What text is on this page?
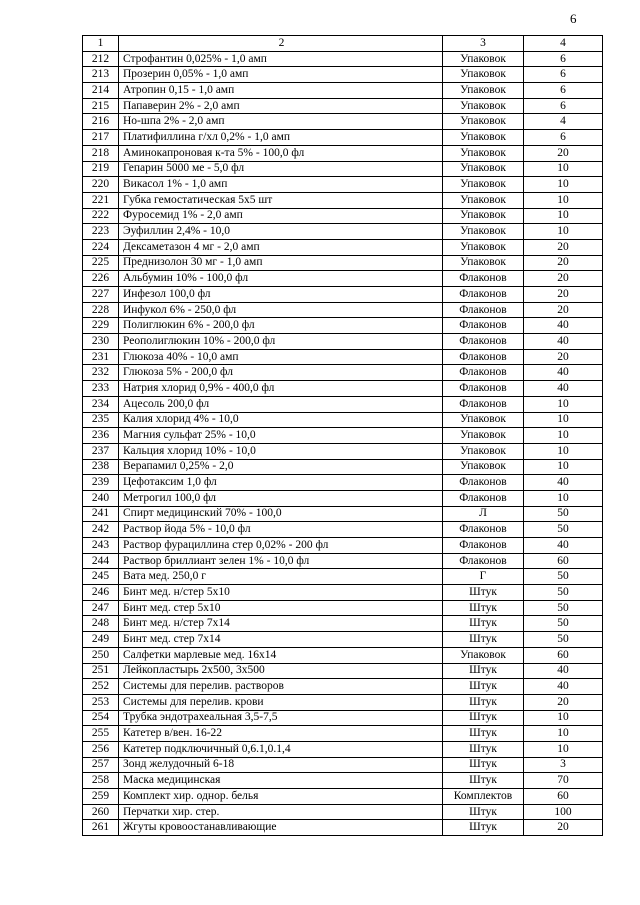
6
1	2	3	4
212	Строфантин 0,025% - 1,0 амп	Упаковок	6
213	Прозерин 0,05% - 1,0 амп	Упаковок	6
214	Атропин 0,15 - 1,0 амп	Упаковок	6
215	Папаверин 2% - 2,0 амп	Упаковок	6
216	Но-шпа 2% - 2,0 амп	Упаковок	4
217	Платифиллина г/хл 0,2% - 1,0 амп	Упаковок	6
218	Аминокапроновая к-та 5% - 100,0 фл	Упаковок	20
219	Гепарин 5000 ме - 5,0 фл	Упаковок	10
220	Викасол 1% - 1,0 амп	Упаковок	10
221	Губка гемостатическая 5х5 шт	Упаковок	10
222	Фуросемид 1% - 2,0 амп	Упаковок	10
223	Эуфиллин 2,4% - 10,0	Упаковок	10
224	Дексаметазон 4 мг - 2,0 амп	Упаковок	20
225	Преднизолон 30 мг - 1,0 амп	Упаковок	20
226	Альбумин 10% - 100,0 фл	Флаконов	20
227	Инфезол 100,0 фл	Флаконов	20
228	Инфукол 6% - 250,0 фл	Флаконов	20
229	Полиглюкин 6% - 200,0 фл	Флаконов	40
230	Реополиглюкин 10% - 200,0 фл	Флаконов	40
231	Глюкоза 40% - 10,0 амп	Флаконов	20
232	Глюкоза 5% - 200,0 фл	Флаконов	40
233	Натрия хлорид 0,9% - 400,0 фл	Флаконов	40
234	Ацесоль 200,0 фл	Флаконов	10
235	Калия хлорид 4% - 10,0	Упаковок	10
236	Магния сульфат 25% - 10,0	Упаковок	10
237	Кальция хлорид 10% - 10,0	Упаковок	10
238	Верапамил 0,25% - 2,0	Упаковок	10
239	Цефотаксим 1,0 фл	Флаконов	40
240	Метрогил 100,0 фл	Флаконов	10
241	Спирт медицинский 70% - 100,0	Л	50
242	Раствор йода 5% - 10,0 фл	Флаконов	50
243	Раствор фурациллина стер 0,02% - 200 фл	Флаконов	40
244	Раствор бриллиант зелен 1% - 10,0 фл	Флаконов	60
245	Вата мед. 250,0 г	Г	50
246	Бинт мед. н/стер 5х10	Штук	50
247	Бинт мед. стер 5х10	Штук	50
248	Бинт мед. н/стер 7х14	Штук	50
249	Бинт мед. стер 7х14	Штук	50
250	Салфетки марлевые мед. 16х14	Упаковок	60
251	Лейкопластырь 2х500, 3х500	Штук	40
252	Системы для перелив. растворов	Штук	40
253	Системы для перелив. крови	Штук	20
254	Трубка эндотрахеальная 3,5-7,5	Штук	10
255	Катетер в/вен. 16-22	Штук	10
256	Катетер подключичный 0,6.1,0.1,4	Штук	10
257	Зонд желудочный 6-18	Штук	3
258	Маска медицинская	Штук	70
259	Комплект хир. однор. белья	Комплектов	60
260	Перчатки хир. стер.	Штук	100
261	Жгуты кровоостанавливающие	Штук	20
